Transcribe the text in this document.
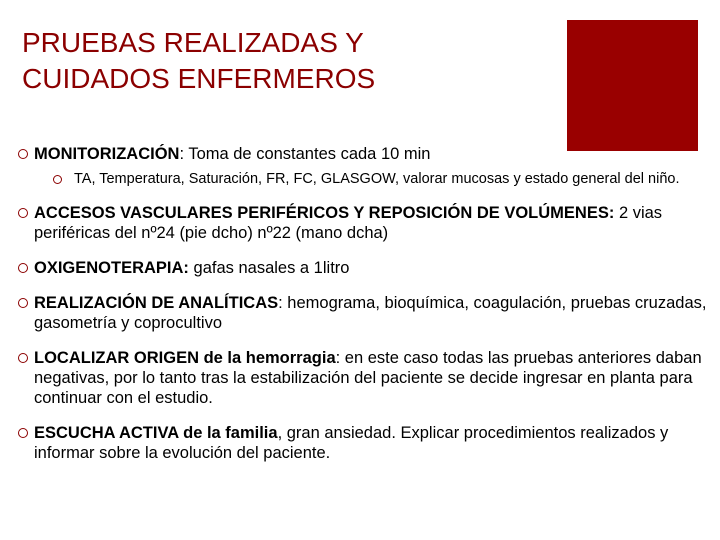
PRUEBAS REALIZADAS Y
CUIDADOS ENFERMEROS
MONITORIZACIÓN: Toma de constantes cada 10 min
TA, Temperatura, Saturación, FR, FC, GLASGOW, valorar mucosas y estado general del niño.
ACCESOS VASCULARES PERIFÉRICOS Y REPOSICIÓN DE VOLÚMENES: 2 vias periféricas del nº24 (pie dcho) nº22 (mano dcha)
OXIGENOTERAPIA: gafas nasales a 1litro
REALIZACIÓN DE ANALÍTICAS: hemograma, bioquímica, coagulación, pruebas cruzadas, gasometría y coprocultivo
LOCALIZAR ORIGEN de la hemorragia: en este caso todas las pruebas anteriores daban negativas, por lo tanto tras la estabilización del paciente se decide ingresar en planta para continuar con el estudio.
ESCUCHA ACTIVA de la familia, gran ansiedad. Explicar procedimientos realizados y informar sobre la evolución del paciente.
